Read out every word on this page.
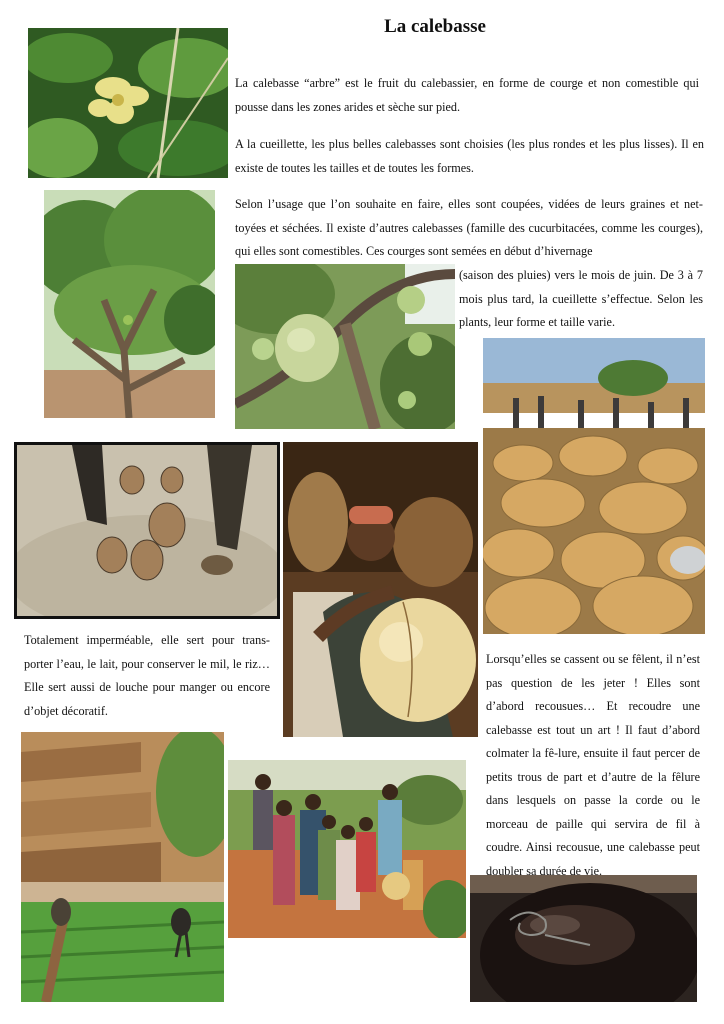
La calebasse

La calebasse “arbre” est le fruit du calebassier, en forme de courge et non comestible qui pousse dans les zones arides et sèche sur pied.

A la cueillette, les plus belles calebasses sont choisies (les plus rondes et les plus lisses). Il en existe de toutes les tailles et de toutes les formes.

Selon l’usage que l’on souhaite en faire, elles sont coupées, vidées de leurs graines et net-toyées et séchées. Il existe d’autres calebasses (famille des cucurbitacées, comme les courges), qui elles sont comestibles. Ces courges sont semées en début d’hivernage

(saison des pluies) vers le mois de juin. De 3 à 7 mois plus tard, la cueillette s’effectue. Selon les plants, leur forme et taille varie.

Totalement imperméable, elle sert pour trans-porter l’eau, le lait, pour conserver le mil, le riz… Elle sert aussi de louche pour manger ou encore d’objet décoratif.

Lorsqu’elles se cassent ou se fêlent, il n’est pas question de les jeter ! Elles sont d’abord recousues… Et recoudre une calebasse est tout un art ! Il faut d’abord colmater la fê-lure, ensuite il faut percer de petits trous de part et d’autre de la fêlure dans lesquels on passe la corde ou le morceau de paille qui servira de fil à coudre. Ainsi recousue, une calebasse peut doubler sa durée de vie.
